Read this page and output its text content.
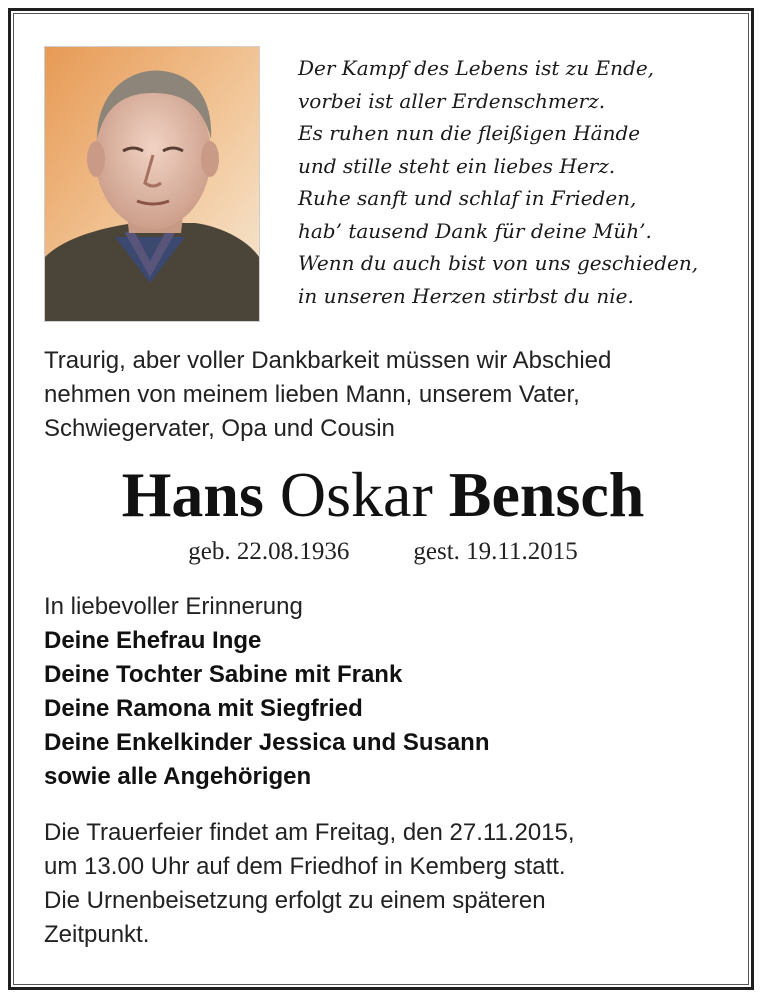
Der Kampf des Lebens ist zu Ende,
vorbei ist aller Erdenschmerz.
Es ruhen nun die fleißigen Hände
und stille steht ein liebes Herz.
Ruhe sanft und schlaf in Frieden,
hab’ tausend Dank für deine Müh’.
Wenn du auch bist von uns geschieden,
in unseren Herzen stirbst du nie.
Traurig, aber voller Dankbarkeit müssen wir Abschied
nehmen von meinem lieben Mann, unserem Vater,
Schwiegervater, Opa und Cousin
Hans Oskar Bensch
geb. 22.08.1936	gest. 19.11.2015
In liebevoller Erinnerung
Deine Ehefrau Inge
Deine Tochter Sabine mit Frank
Deine Ramona mit Siegfried
Deine Enkelkinder Jessica und Susann
sowie alle Angehörigen
Die Trauerfeier findet am Freitag, den 27.11.2015,
um 13.00 Uhr auf dem Friedhof in Kemberg statt.
Die Urnenbeisetzung erfolgt zu einem späteren
Zeitpunkt.
